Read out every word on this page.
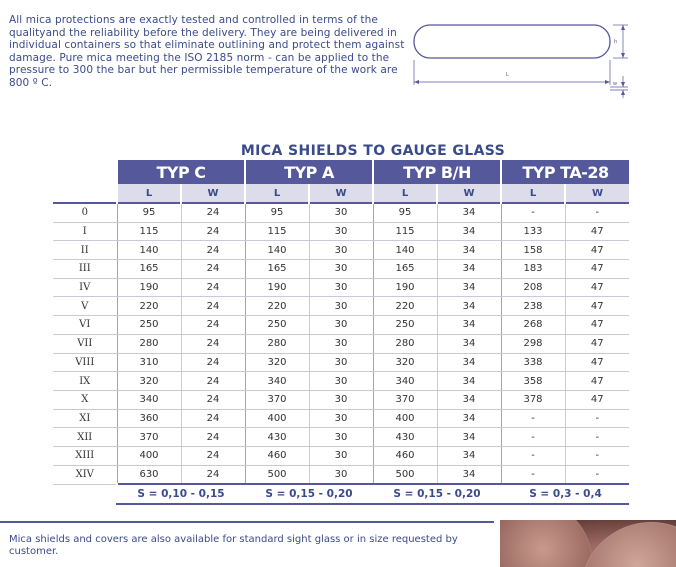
All mica protections are exactly tested and controlled in terms of the qualityand the reliability before the delivery. They are being delivered in individual containers so that eliminate outlining and protect them against damage. Pure mica meeting the ISO 2185 norm - can be applied to the pressure to 300 the bar but her permissible temperature of the work are 800 º C.
h
L
w
MICA SHIELDS TO GAUGE GLASS
	TYP C		TYP A		TYP B/H		TYP TA-28	
	L	W	L	W	L	W	L	W
0	95	24	95	30	95	34	-	-
I	115	24	115	30	115	34	133	47
II	140	24	140	30	140	34	158	47
III	165	24	165	30	165	34	183	47
IV	190	24	190	30	190	34	208	47
V	220	24	220	30	220	34	238	47
VI	250	24	250	30	250	34	268	47
VII	280	24	280	30	280	34	298	47
VIII	310	24	320	30	320	34	338	47
IX	320	24	340	30	340	34	358	47
X	340	24	370	30	370	34	378	47
XI	360	24	400	30	400	34	-	-
XII	370	24	430	30	430	34	-	-
XIII	400	24	460	30	460	34	-	-
XIV	630	24	500	30	500	34	-	-
	S = 0,10 - 0,15		S = 0,15 - 0,20		S = 0,15 - 0,20		S = 0,3 - 0,4	
Mica shields and covers are also available for standard sight glass or in size requested by customer.
